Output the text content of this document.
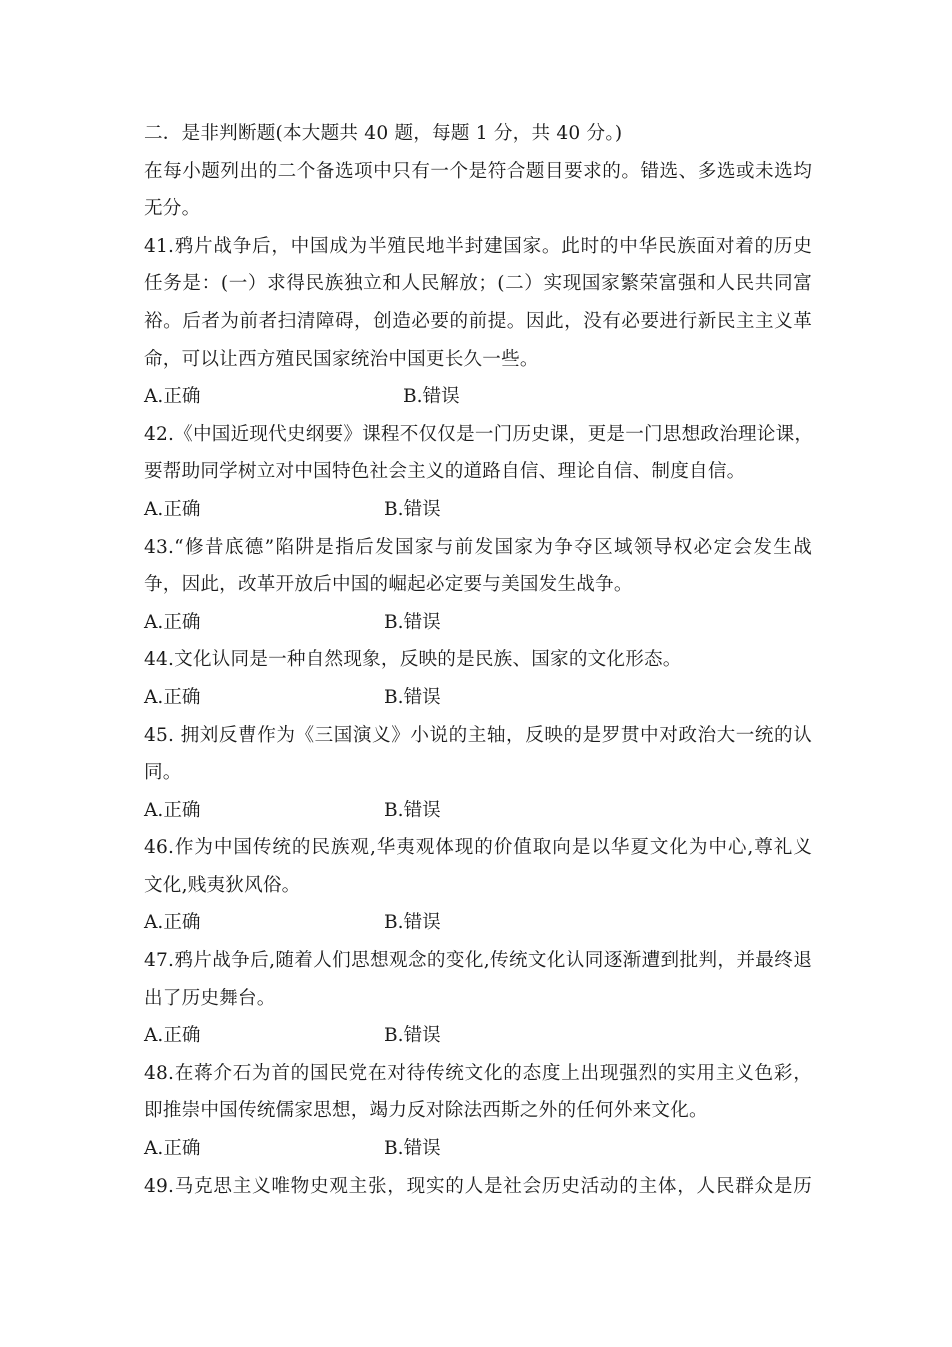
二．是非判断题(本大题共 40 题，每题 1 分，共 40 分。)
在每小题列出的二个备选项中只有一个是符合题目要求的。错选、多选或未选均
无分。
41.鸦片战争后，中国成为半殖民地半封建国家。此时的中华民族面对着的历史
任务是：(一）求得民族独立和人民解放；(二）实现国家繁荣富强和人民共同富
裕。后者为前者扫清障碍，创造必要的前提。因此，没有必要进行新民主主义革
命，可以让西方殖民国家统治中国更长久一些。
A.正确	B.错误
42.《中国近现代史纲要》课程不仅仅是一门历史课，更是一门思想政治理论课，
要帮助同学树立对中国特色社会主义的道路自信、理论自信、制度自信。
A.正确	B.错误
43.“修昔底德”陷阱是指后发国家与前发国家为争夺区域领导权必定会发生战
争，因此，改革开放后中国的崛起必定要与美国发生战争。
A.正确	B.错误
44.文化认同是一种自然现象，反映的是民族、国家的文化形态。
A.正确	B.错误
45. 拥刘反曹作为《三国演义》小说的主轴，反映的是罗贯中对政治大一统的认
同。
A.正确	B.错误
46.作为中国传统的民族观,华夷观体现的价值取向是以华夏文化为中心,尊礼义
文化,贱夷狄风俗。
A.正确	B.错误
47.鸦片战争后,随着人们思想观念的变化,传统文化认同逐渐遭到批判，并最终退
出了历史舞台。
A.正确	B.错误
48.在蒋介石为首的国民党在对待传统文化的态度上出现强烈的实用主义色彩，
即推崇中国传统儒家思想，竭力反对除法西斯之外的任何外来文化。
A.正确	B.错误
49.马克思主义唯物史观主张，现实的人是社会历史活动的主体，人民群众是历
